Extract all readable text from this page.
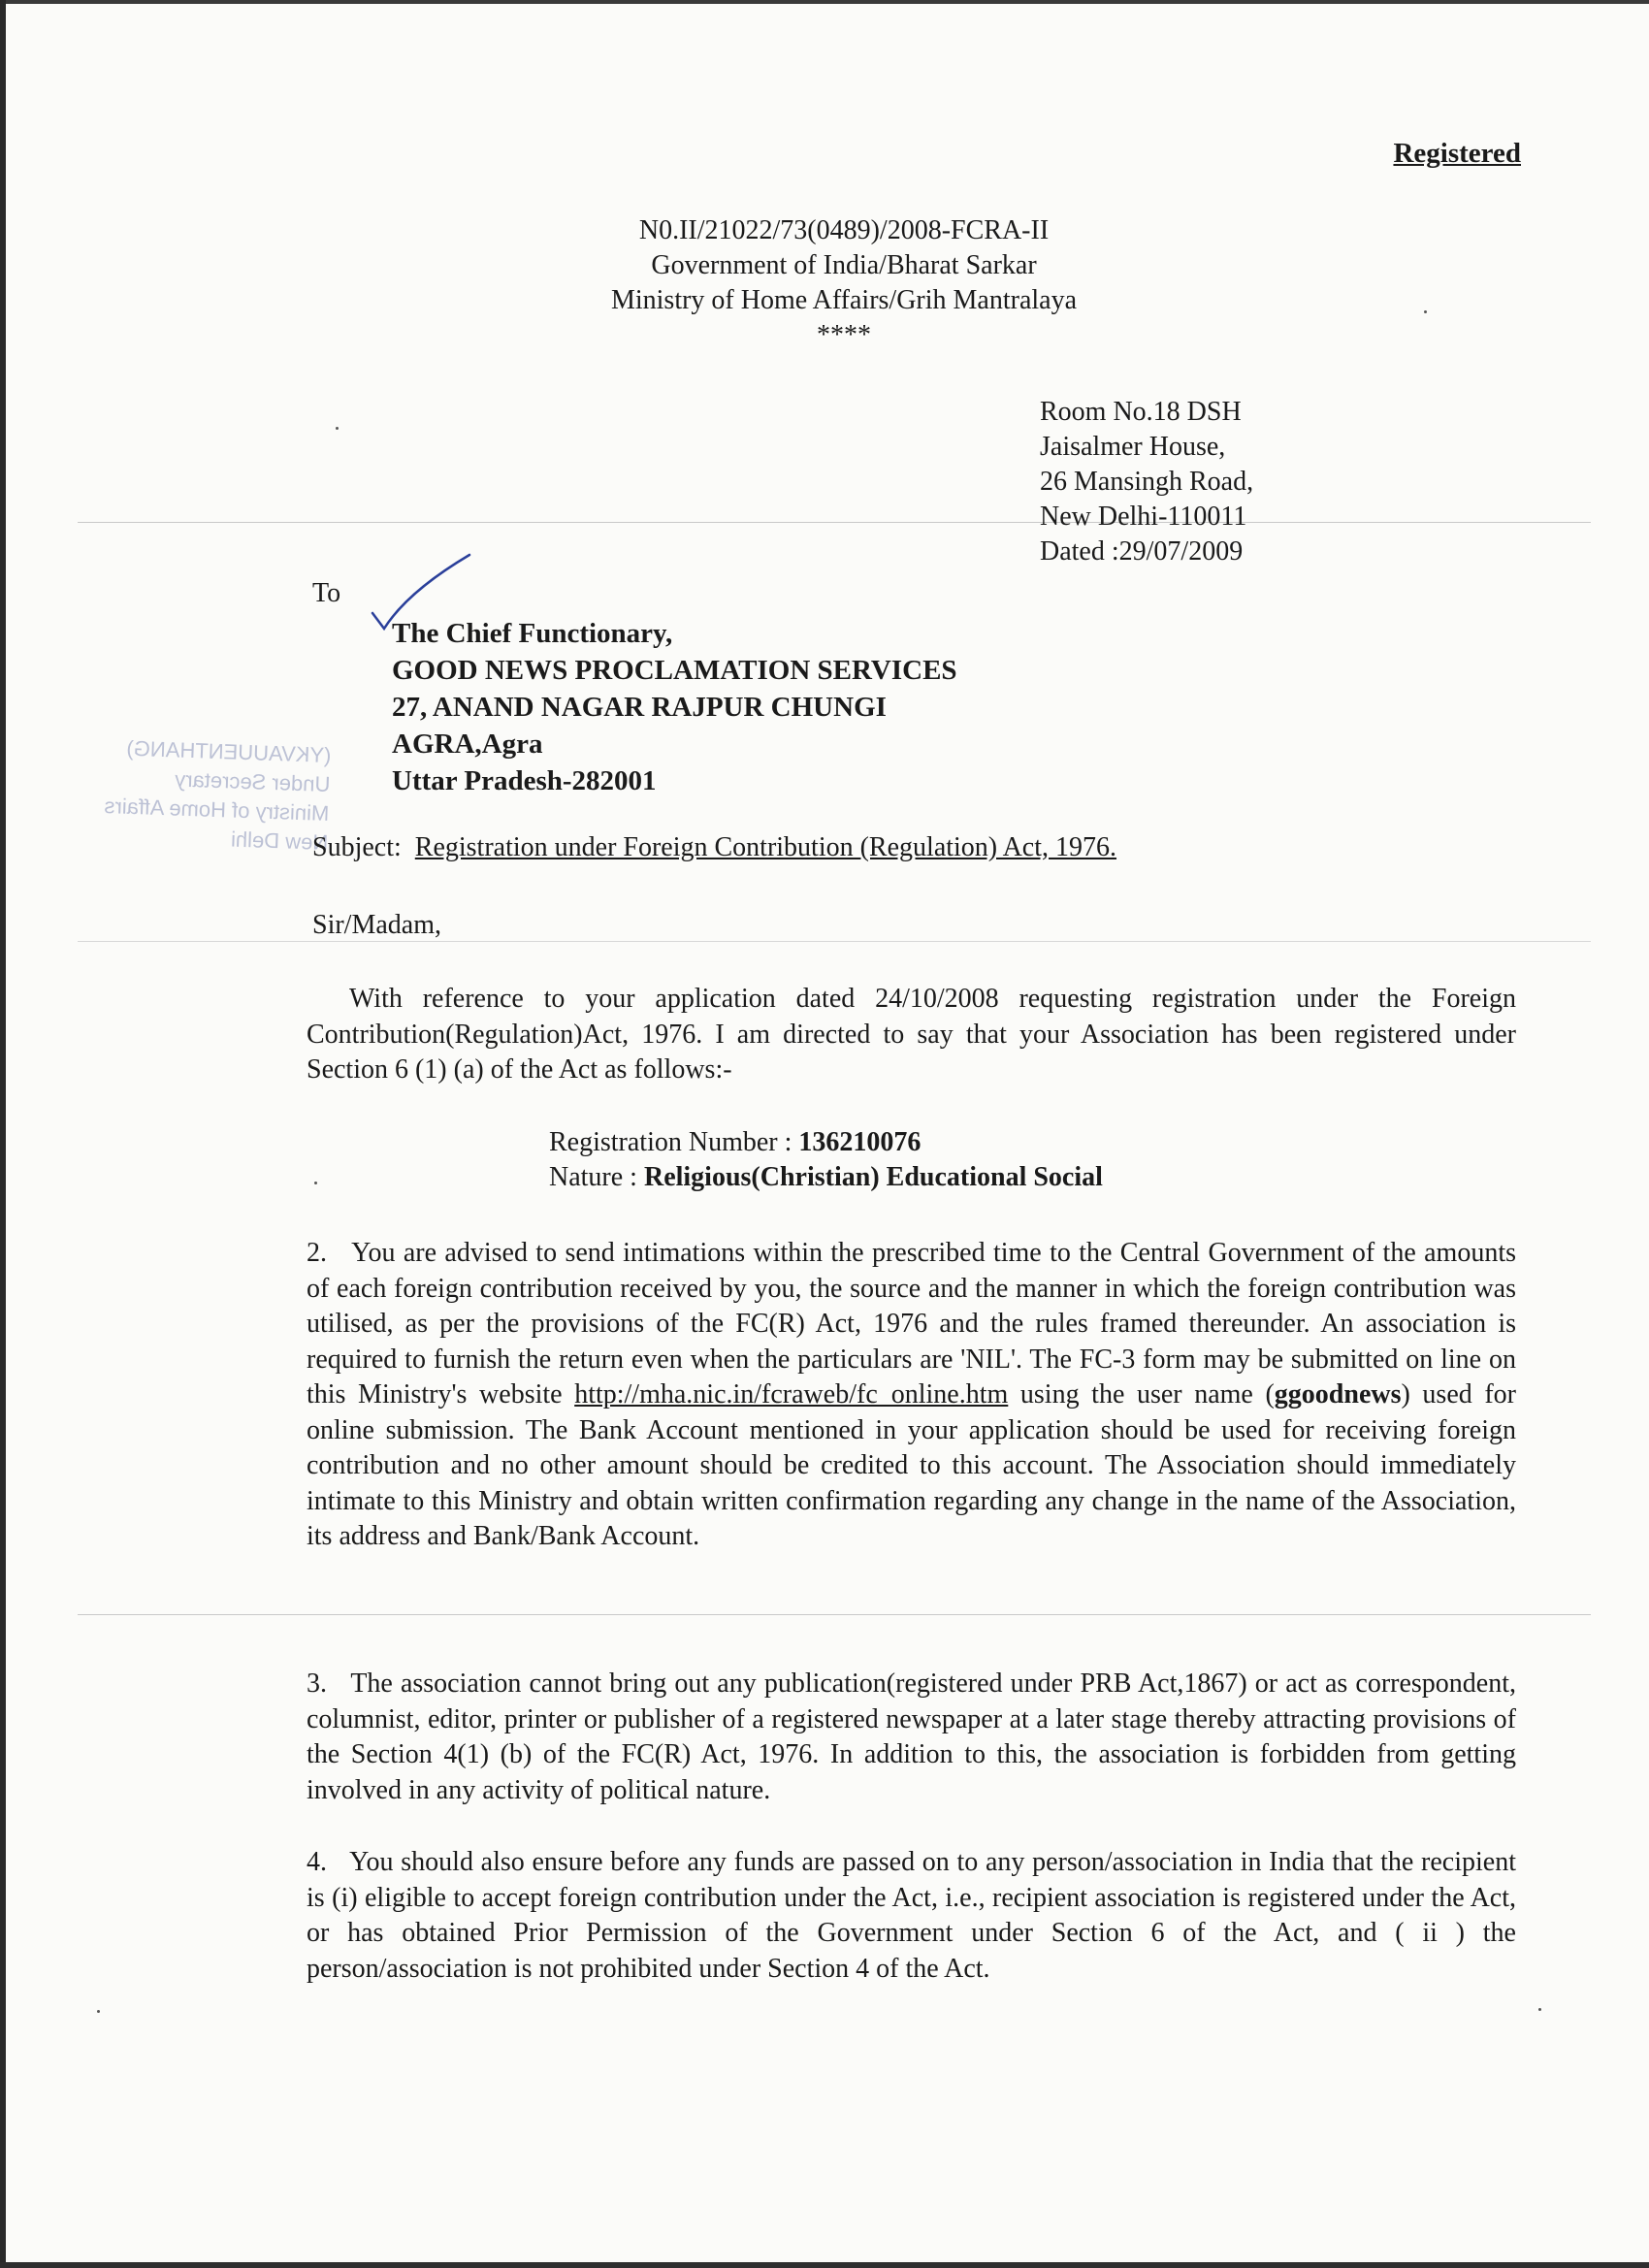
Registered
N0.II/21022/73(0489)/2008-FCRA-II
Government of India/Bharat Sarkar
Ministry of Home Affairs/Grih Mantralaya
****
Room No.18 DSH
Jaisalmer House,
26 Mansingh Road,
New Delhi-110011
Dated :29/07/2009
To
The Chief Functionary,
GOOD NEWS PROCLAMATION SERVICES
27, ANAND NAGAR RAJPUR CHUNGI
AGRA,Agra
Uttar Pradesh-282001
(YKVAUUENTHANG)
Under Secretary
Ministry of Home Affairs
New Delhi
Subject: Registration under Foreign Contribution (Regulation) Act, 1976.
Sir/Madam,
With reference to your application dated 24/10/2008 requesting registration under the Foreign Contribution(Regulation)Act, 1976. I am directed to say that your Association has been registered under Section 6 (1) (a) of the Act as follows:-
Registration Number : 136210076
Nature : Religious(Christian) Educational Social
2. You are advised to send intimations within the prescribed time to the Central Government of the amounts of each foreign contribution received by you, the source and the manner in which the foreign contribution was utilised, as per the provisions of the FC(R) Act, 1976 and the rules framed thereunder. An association is required to furnish the return even when the particulars are 'NIL'. The FC-3 form may be submitted on line on this Ministry's website http://mha.nic.in/fcraweb/fc_online.htm using the user name (ggoodnews) used for online submission. The Bank Account mentioned in your application should be used for receiving foreign contribution and no other amount should be credited to this account. The Association should immediately intimate to this Ministry and obtain written confirmation regarding any change in the name of the Association, its address and Bank/Bank Account.
3. The association cannot bring out any publication(registered under PRB Act,1867) or act as correspondent, columnist, editor, printer or publisher of a registered newspaper at a later stage thereby attracting provisions of the Section 4(1) (b) of the FC(R) Act, 1976. In addition to this, the association is forbidden from getting involved in any activity of political nature.
4. You should also ensure before any funds are passed on to any person/association in India that the recipient is (i) eligible to accept foreign contribution under the Act, i.e., recipient association is registered under the Act, or has obtained Prior Permission of the Government under Section 6 of the Act, and ( ii ) the person/association is not prohibited under Section 4 of the Act.
